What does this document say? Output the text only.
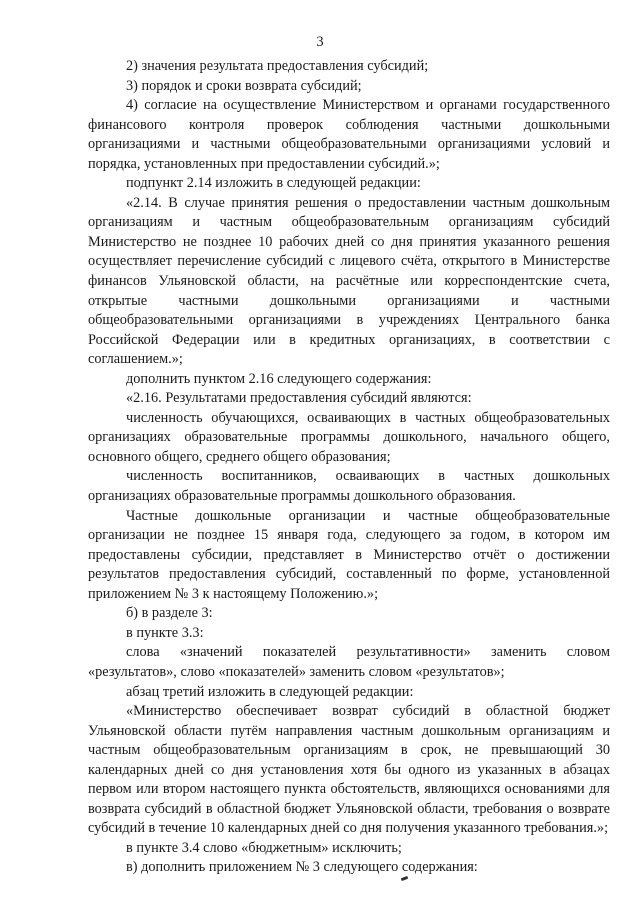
3

2) значения результата предоставления субсидий;

3) порядок и сроки возврата субсидий;

4) согласие на осуществление Министерством и органами государственного финансового контроля проверок соблюдения частными дошкольными организациями и частными общеобразовательными организациями условий и порядка, установленных при предоставлении субсидий.»;

подпункт 2.14 изложить в следующей редакции:

«2.14. В случае принятия решения о предоставлении частным дошкольным организациям и частным общеобразовательным организациям субсидий Министерство не позднее 10 рабочих дней со дня принятия указанного решения осуществляет перечисление субсидий с лицевого счёта, открытого в Министерстве финансов Ульяновской области, на расчётные или корреспондентские счета, открытые частными дошкольными организациями и частными общеобразовательными организациями в учреждениях Центрального банка Российской Федерации или в кредитных организациях, в соответствии с соглашением.»;

дополнить пунктом 2.16 следующего содержания:

«2.16. Результатами предоставления субсидий являются:

численность обучающихся, осваивающих в частных общеобразовательных организациях образовательные программы дошкольного, начального общего, основного общего, среднего общего образования;

численность воспитанников, осваивающих в частных дошкольных организациях образовательные программы дошкольного образования.

Частные дошкольные организации и частные общеобразовательные организации не позднее 15 января года, следующего за годом, в котором им предоставлены субсидии, представляет в Министерство отчёт о достижении результатов предоставления субсидий, составленный по форме, установленной приложением № 3 к настоящему Положению.»;

б) в разделе 3:

в пункте 3.3:

слова «значений показателей результативности» заменить словом «результатов», слово «показателей» заменить словом «результатов»;

абзац третий изложить в следующей редакции:

«Министерство обеспечивает возврат субсидий в областной бюджет Ульяновской области путём направления частным дошкольным организациям и частным общеобразовательным организациям в срок, не превышающий 30 календарных дней со дня установления хотя бы одного из указанных в абзацах первом или втором настоящего пункта обстоятельств, являющихся основаниями для возврата субсидий в областной бюджет Ульяновской области, требования о возврате субсидий в течение 10 календарных дней со дня получения указанного требования.»;

в пункте 3.4 слово «бюджетным» исключить;

в) дополнить приложением № 3 следующего содержания:
